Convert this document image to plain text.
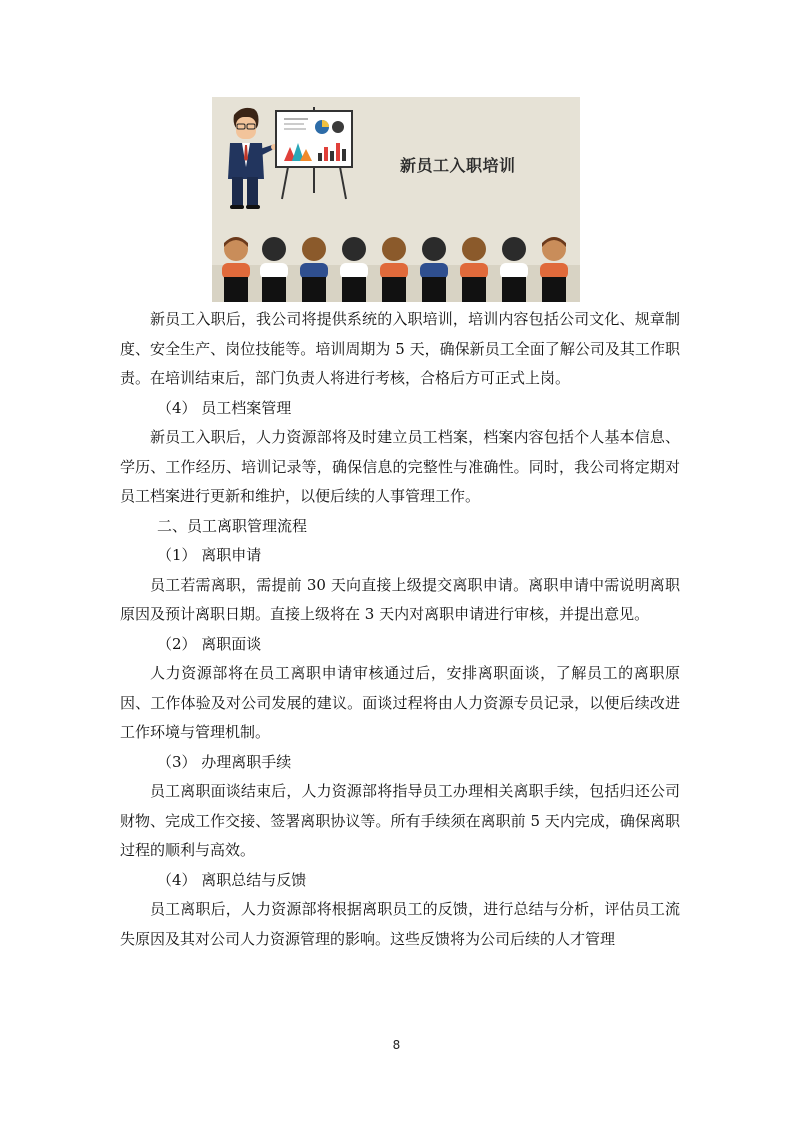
新员工入职培训

新员工入职后，我公司将提供系统的入职培训，培训内容包括公司文化、规章制度、安全生产、岗位技能等。培训周期为 5 天，确保新员工全面了解公司及其工作职责。在培训结束后，部门负责人将进行考核，合格后方可正式上岗。

（4） 员工档案管理

新员工入职后，人力资源部将及时建立员工档案，档案内容包括个人基本信息、学历、工作经历、培训记录等，确保信息的完整性与准确性。同时，我公司将定期对员工档案进行更新和维护，以便后续的人事管理工作。

二、员工离职管理流程

（1） 离职申请

员工若需离职，需提前 30 天向直接上级提交离职申请。离职申请中需说明离职原因及预计离职日期。直接上级将在 3 天内对离职申请进行审核，并提出意见。

（2） 离职面谈

人力资源部将在员工离职申请审核通过后，安排离职面谈，了解员工的离职原因、工作体验及对公司发展的建议。面谈过程将由人力资源专员记录，以便后续改进工作环境与管理机制。

（3） 办理离职手续

员工离职面谈结束后，人力资源部将指导员工办理相关离职手续，包括归还公司财物、完成工作交接、签署离职协议等。所有手续须在离职前 5 天内完成，确保离职过程的顺利与高效。

（4） 离职总结与反馈

员工离职后，人力资源部将根据离职员工的反馈，进行总结与分析，评估员工流失原因及其对公司人力资源管理的影响。这些反馈将为公司后续的人才管理

8
